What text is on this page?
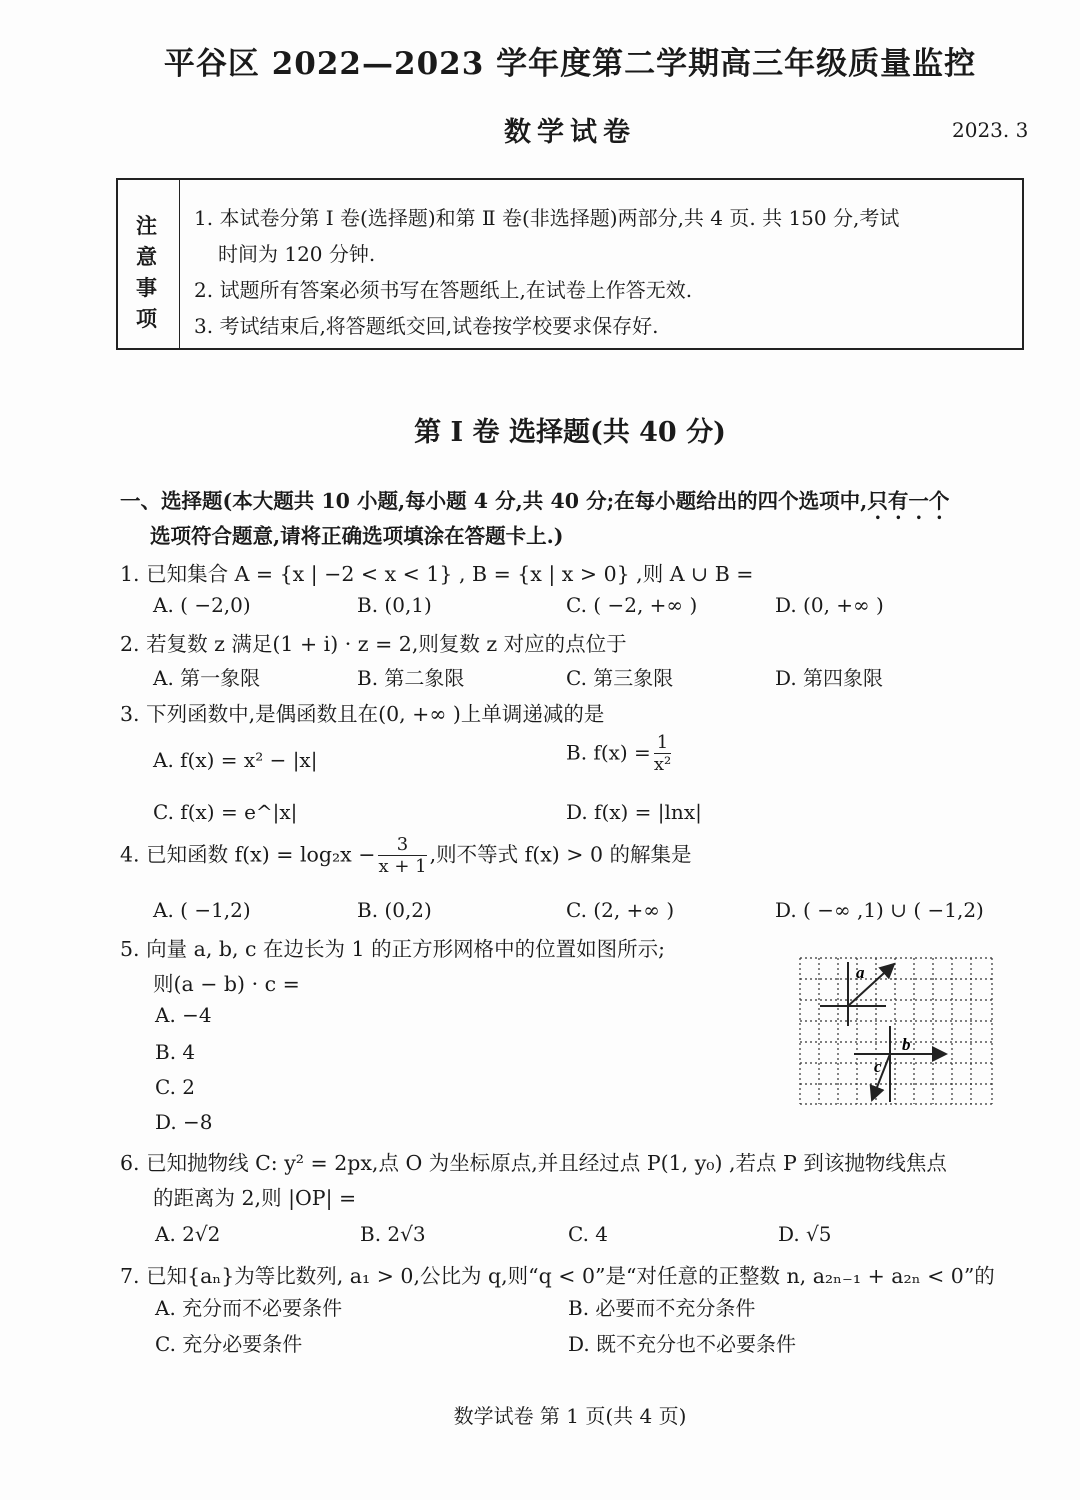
平谷区 2022—2023 学年度第二学期高三年级质量监控
数学试卷	2023. 3
注意事项
1. 本试卷分第 Ⅰ 卷(选择题)和第 Ⅱ 卷(非选择题)两部分,共 4 页. 共 150 分,考试
时间为 120 分钟.
2. 试题所有答案必须书写在答题纸上,在试卷上作答无效.
3. 考试结束后,将答题纸交回,试卷按学校要求保存好.
第 Ⅰ 卷 选择题(共 40 分)
一、选择题(本大题共 10 小题,每小题 4 分,共 40 分;在每小题给出的四个选项中,只有一个
选项符合题意,请将正确选项填涂在答题卡上.)
1. 已知集合 A = {x | −2 < x < 1} , B = {x | x > 0} ,则 A ∪ B =
A. ( −2,0)	B. (0,1)	C. ( −2, +∞ )	D. (0, +∞ )
2. 若复数 z 满足(1 + i) · z = 2,则复数 z 对应的点位于
A. 第一象限	B. 第二象限	C. 第三象限	D. 第四象限
3. 下列函数中,是偶函数且在(0, +∞ )上单调递减的是
A. f(x) = x² − |x|	B. $f(x) = \frac{1}{\text{x²}}$
C. f(x) = e^|x|	D. f(x) = |lnx|
4. 已知函数 $f(x) = \log_2x - \frac{3}{x + 1}$ ,则不等式 f(x) > 0 的解集是
A. ( −1,2)	B. (0,2)	C. (2, +∞ )	D. ( −∞ ,1) ∪ ( −1,2)
5. 向量 a, b, c 在边长为 1 的正方形网格中的位置如图所示;
则(a − b) · c =
A. −4
B. 4
C. 2
D. −8
a
b
c
6. 已知抛物线 C: y² = 2px,点 O 为坐标原点,并且经过点 P(1, y₀) ,若点 P 到该抛物线焦点
的距离为 2,则 |OP| =
A. 2√2	B. 2√3	C. 4	D. √5
7. 已知{aₙ}为等比数列, a₁ > 0,公比为 q,则“q < 0”是“对任意的正整数 n, a₂ₙ₋₁ + a₂ₙ < 0”的
A. 充分而不必要条件	B. 必要而不充分条件
C. 充分必要条件	D. 既不充分也不必要条件
数学试卷 第 1 页(共 4 页)
